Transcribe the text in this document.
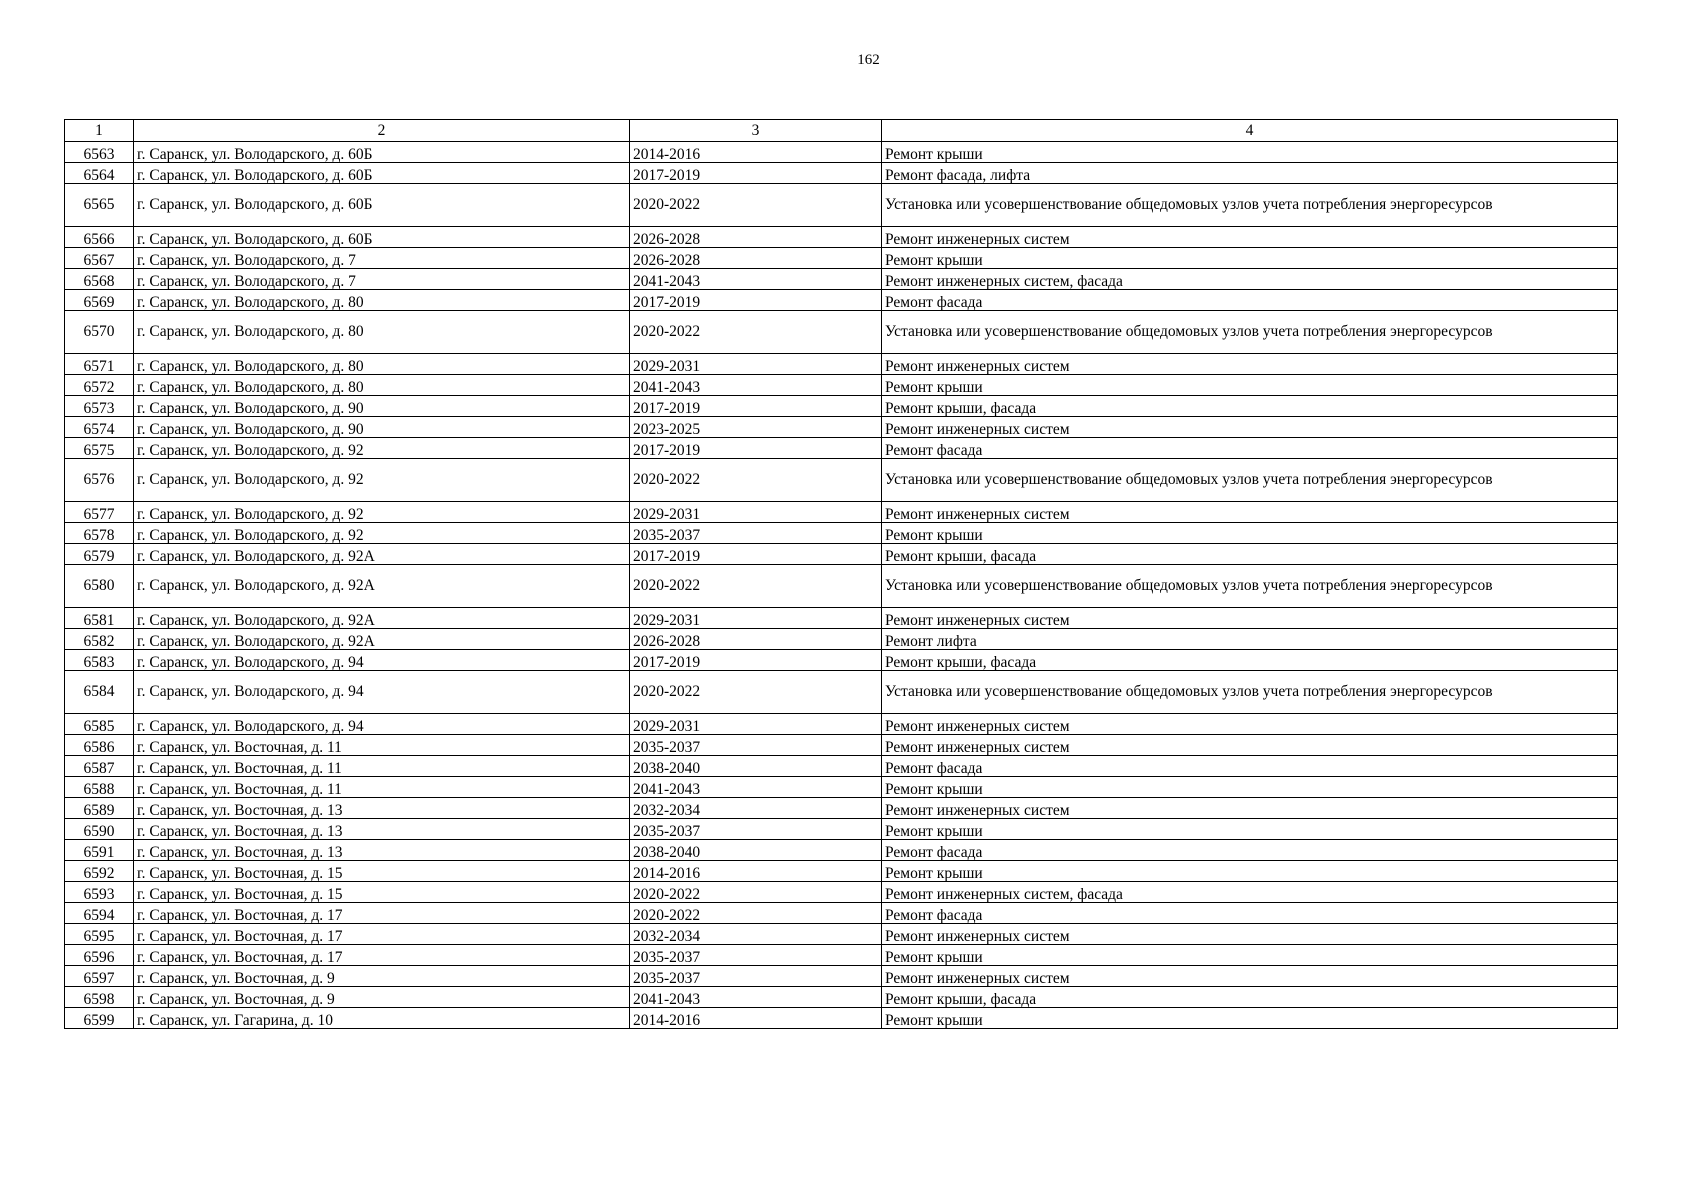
162
1	2	3	4
6563	г. Саранск, ул. Володарского, д. 60Б	2014-2016	Ремонт крыши
6564	г. Саранск, ул. Володарского, д. 60Б	2017-2019	Ремонт фасада, лифта
6565	г. Саранск, ул. Володарского, д. 60Б	2020-2022	Установка или усовершенствование общедомовых узлов учета потребления энергоресурсов
6566	г. Саранск, ул. Володарского, д. 60Б	2026-2028	Ремонт инженерных систем
6567	г. Саранск, ул. Володарского, д. 7	2026-2028	Ремонт крыши
6568	г. Саранск, ул. Володарского, д. 7	2041-2043	Ремонт инженерных систем, фасада
6569	г. Саранск, ул. Володарского, д. 80	2017-2019	Ремонт фасада
6570	г. Саранск, ул. Володарского, д. 80	2020-2022	Установка или усовершенствование общедомовых узлов учета потребления энергоресурсов
6571	г. Саранск, ул. Володарского, д. 80	2029-2031	Ремонт инженерных систем
6572	г. Саранск, ул. Володарского, д. 80	2041-2043	Ремонт крыши
6573	г. Саранск, ул. Володарского, д. 90	2017-2019	Ремонт крыши, фасада
6574	г. Саранск, ул. Володарского, д. 90	2023-2025	Ремонт инженерных систем
6575	г. Саранск, ул. Володарского, д. 92	2017-2019	Ремонт фасада
6576	г. Саранск, ул. Володарского, д. 92	2020-2022	Установка или усовершенствование общедомовых узлов учета потребления энергоресурсов
6577	г. Саранск, ул. Володарского, д. 92	2029-2031	Ремонт инженерных систем
6578	г. Саранск, ул. Володарского, д. 92	2035-2037	Ремонт крыши
6579	г. Саранск, ул. Володарского, д. 92А	2017-2019	Ремонт крыши, фасада
6580	г. Саранск, ул. Володарского, д. 92А	2020-2022	Установка или усовершенствование общедомовых узлов учета потребления энергоресурсов
6581	г. Саранск, ул. Володарского, д. 92А	2029-2031	Ремонт инженерных систем
6582	г. Саранск, ул. Володарского, д. 92А	2026-2028	Ремонт лифта
6583	г. Саранск, ул. Володарского, д. 94	2017-2019	Ремонт крыши, фасада
6584	г. Саранск, ул. Володарского, д. 94	2020-2022	Установка или усовершенствование общедомовых узлов учета потребления энергоресурсов
6585	г. Саранск, ул. Володарского, д. 94	2029-2031	Ремонт инженерных систем
6586	г. Саранск, ул. Восточная, д. 11	2035-2037	Ремонт инженерных систем
6587	г. Саранск, ул. Восточная, д. 11	2038-2040	Ремонт фасада
6588	г. Саранск, ул. Восточная, д. 11	2041-2043	Ремонт крыши
6589	г. Саранск, ул. Восточная, д. 13	2032-2034	Ремонт инженерных систем
6590	г. Саранск, ул. Восточная, д. 13	2035-2037	Ремонт крыши
6591	г. Саранск, ул. Восточная, д. 13	2038-2040	Ремонт фасада
6592	г. Саранск, ул. Восточная, д. 15	2014-2016	Ремонт крыши
6593	г. Саранск, ул. Восточная, д. 15	2020-2022	Ремонт инженерных систем, фасада
6594	г. Саранск, ул. Восточная, д. 17	2020-2022	Ремонт фасада
6595	г. Саранск, ул. Восточная, д. 17	2032-2034	Ремонт инженерных систем
6596	г. Саранск, ул. Восточная, д. 17	2035-2037	Ремонт крыши
6597	г. Саранск, ул. Восточная, д. 9	2035-2037	Ремонт инженерных систем
6598	г. Саранск, ул. Восточная, д. 9	2041-2043	Ремонт крыши, фасада
6599	г. Саранск, ул. Гагарина, д. 10	2014-2016	Ремонт крыши
